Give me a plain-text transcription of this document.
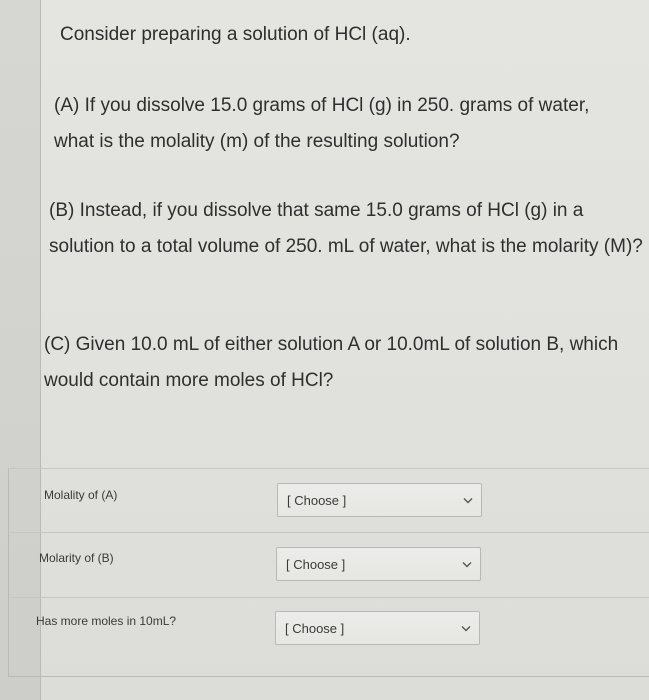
Consider preparing a solution of HCl (aq).

(A) If you dissolve 15.0 grams of HCl (g) in 250. grams of water, what is the molality (m) of the resulting solution?

(B) Instead, if you dissolve that same 15.0 grams of HCl (g) in a solution to a total volume of 250. mL of water, what is the molarity (M)?

(C) Given 10.0 mL of either solution A or 10.0mL of solution B, which would contain more moles of HCl?

Molality of (A)	[ Choose ]
Molarity of (B)	[ Choose ]
Has more moles in 10mL?	[ Choose ]
